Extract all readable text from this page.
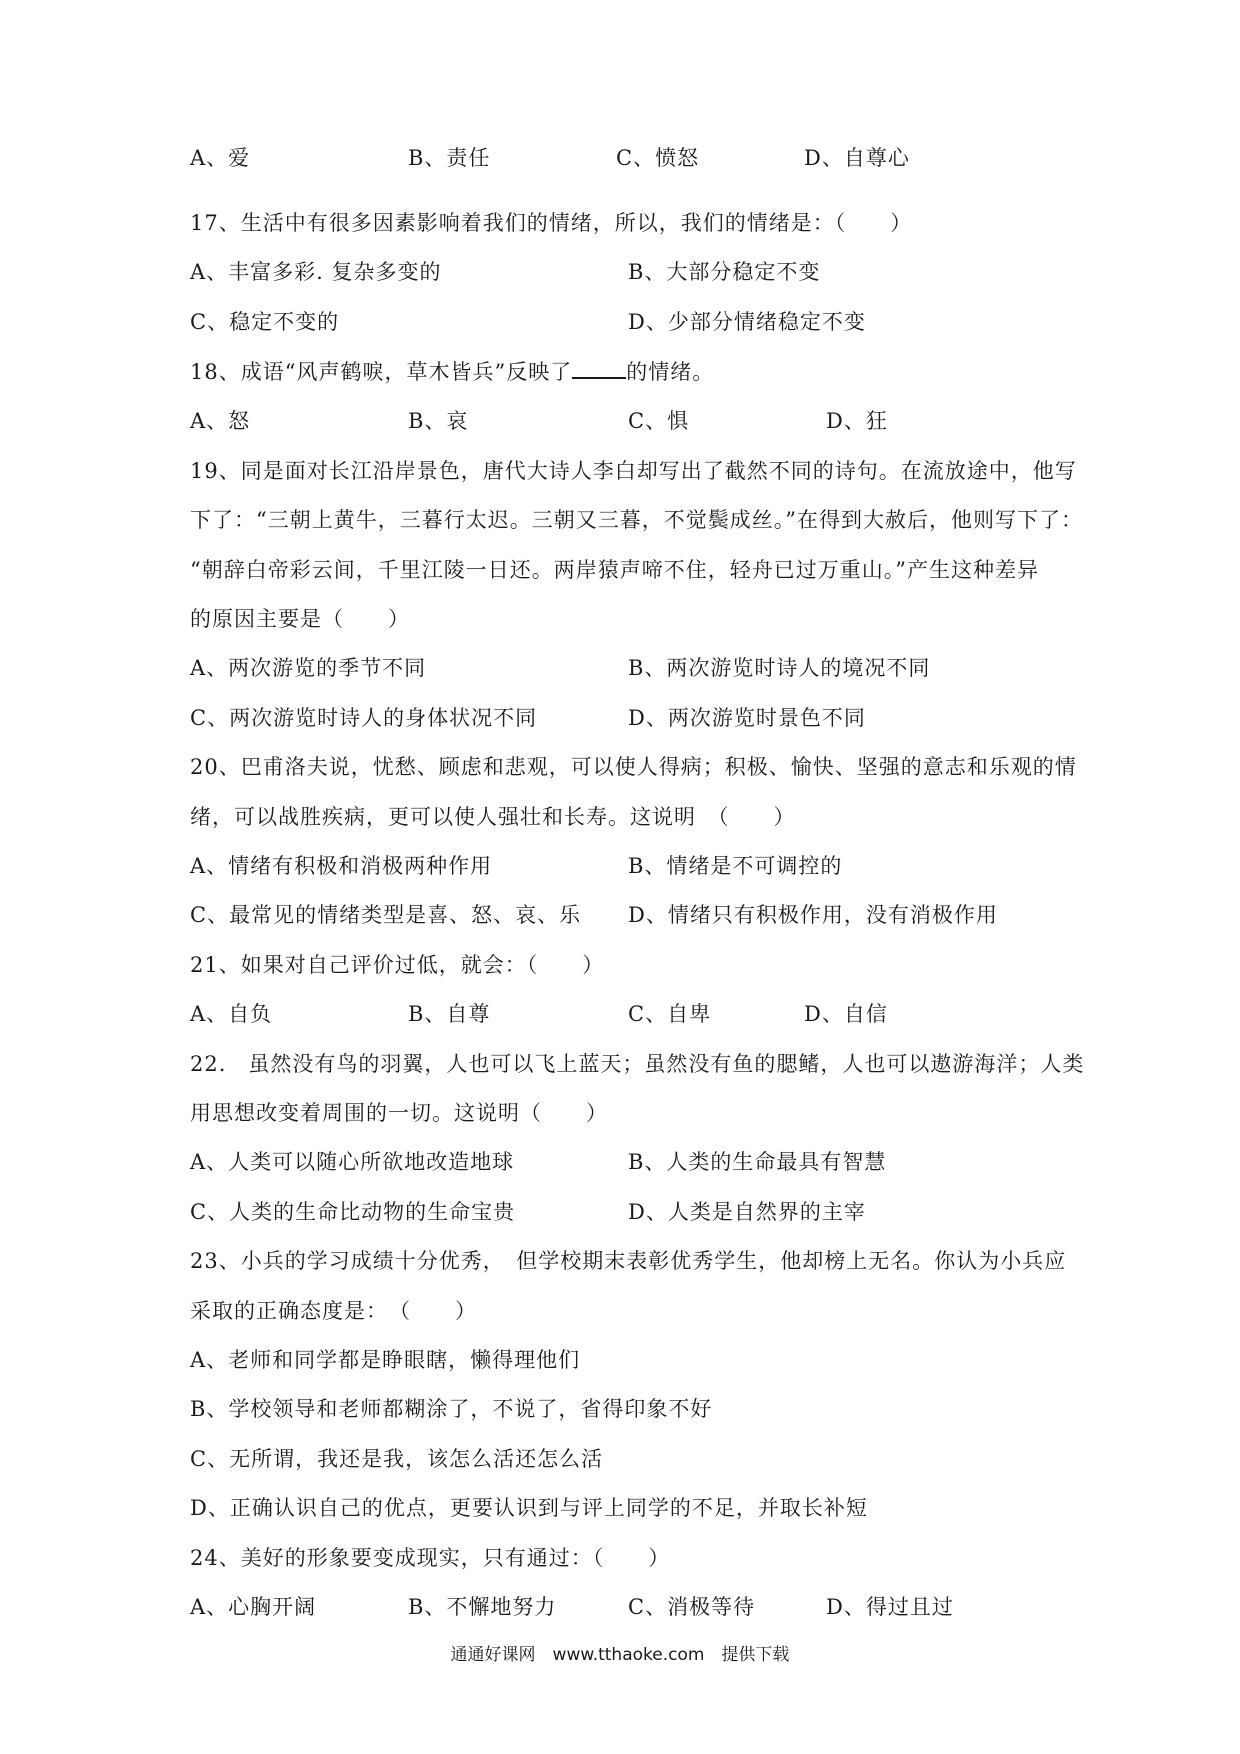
A、爱	B、责任	C、愤怒	D、自尊心
17、生活中有很多因素影响着我们的情绪，所以，我们的情绪是：（　　）
A、丰富多彩. 复杂多变的	B、大部分稳定不变
C、稳定不变的	D、少部分情绪稳定不变
18、成语“风声鹤唳，草木皆兵”反映了	的情绪。
A、怒	B、哀	C、惧	D、狂
19、同是面对长江沿岸景色，唐代大诗人李白却写出了截然不同的诗句。在流放途中，他写
下了：“三朝上黄牛，三暮行太迟。三朝又三暮，不觉鬓成丝。”在得到大赦后，他则写下了：
“朝辞白帝彩云间，千里江陵一日还。两岸猿声啼不住，轻舟已过万重山。”产生这种差异
的原因主要是（　　）
A、两次游览的季节不同	B、两次游览时诗人的境况不同
C、两次游览时诗人的身体状况不同	D、两次游览时景色不同
20、巴甫洛夫说，忧愁、顾虑和悲观，可以使人得病；积极、愉快、坚强的意志和乐观的情
绪，可以战胜疾病，更可以使人强壮和长寿。这说明　（　　）
A、情绪有积极和消极两种作用	B、情绪是不可调控的
C、最常见的情绪类型是喜、怒、哀、乐 D、情绪只有积极作用，没有消极作用
21、如果对自己评价过低，就会：（　　）
A、自负	B、自尊	C、自卑	D、自信
22.　虽然没有鸟的羽翼，人也可以飞上蓝天；虽然没有鱼的腮鳍，人也可以遨游海洋；人类
用思想改变着周围的一切。这说明（　　）
A、人类可以随心所欲地改造地球	B、人类的生命最具有智慧
C、人类的生命比动物的生命宝贵	D、人类是自然界的主宰
23、小兵的学习成绩十分优秀，　但学校期末表彰优秀学生，他却榜上无名。你认为小兵应
采取的正确态度是：　（　　）
A、老师和同学都是睁眼瞎，懒得理他们
B、学校领导和老师都糊涂了，不说了，省得印象不好
C、无所谓，我还是我，该怎么活还怎么活
D、正确认识自己的优点，更要认识到与评上同学的不足，并取长补短
24、美好的形象要变成现实，只有通过：（　　）
A、心胸开阔	B、不懈地努力	C、消极等待	D、得过且过
通通好课网　www.tthaoke.com　提供下载
